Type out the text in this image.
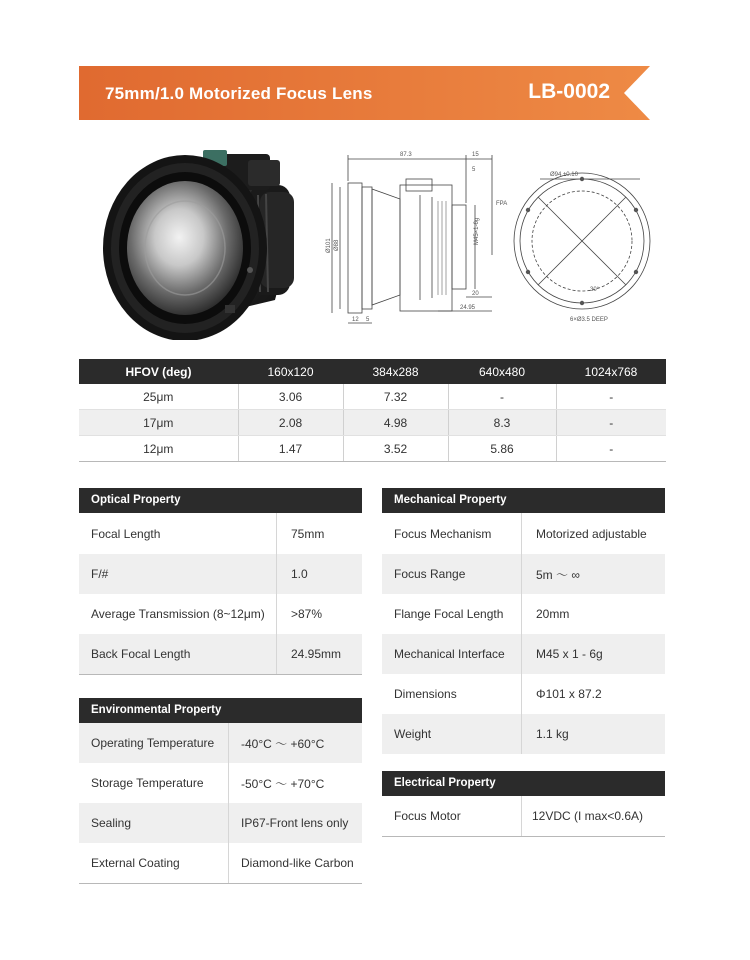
75mm/1.0 Motorized Focus Lens	LB-0002
87.3	15
5
Ø94 ±0.10
FPA
M45×1-6g
Ø101 Ø88
20
24.95
12 5	6×Ø3.5 DEEP
30°
HFOV (deg)	160x120	384x288	640x480	1024x768
25μm	3.06	7.32	-	-
17μm	2.08	4.98	8.3	-
12μm	1.47	3.52	5.86	-
Optical Property
Focal Length	75mm
F/#	1.0
Average Transmission (8~12μm)	>87%
Back Focal Length	24.95mm
Environmental Property
Operating Temperature	-40°C ～ +60°C
Storage Temperature	-50°C ～ +70°C
Sealing	IP67-Front lens only
External Coating	Diamond-like Carbon
Mechanical Property
Focus Mechanism	Motorized adjustable
Focus Range	5m ～ ∞
Flange Focal Length	20mm
Mechanical Interface	M45 x 1 - 6g
Dimensions	Φ101 x 87.2
Weight	1.1 kg
Electrical Property
Focus Motor	12VDC (I max<0.6A)
